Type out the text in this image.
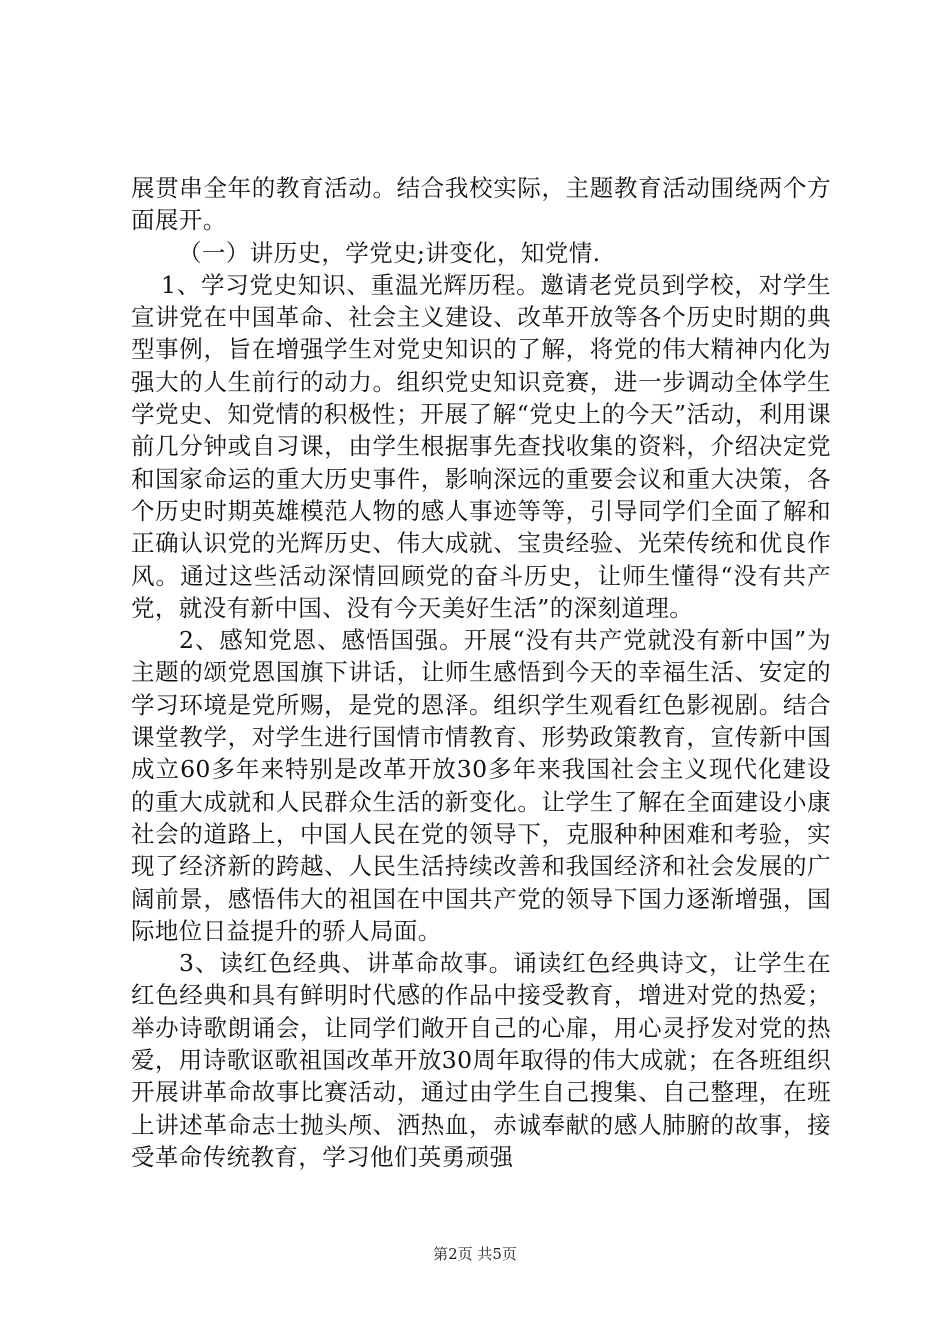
展贯串全年的教育活动。结合我校实际，主题教育活动围绕两个方面展开。

（一）讲历史，学党史;讲变化，知党情.

1、学习党史知识、重温光辉历程。邀请老党员到学校，对学生宣讲党在中国革命、社会主义建设、改革开放等各个历史时期的典型事例，旨在增强学生对党史知识的了解，将党的伟大精神内化为强大的人生前行的动力。组织党史知识竞赛，进一步调动全体学生学党史、知党情的积极性；开展了解“党史上的今天”活动，利用课前几分钟或自习课，由学生根据事先查找收集的资料，介绍决定党和国家命运的重大历史事件，影响深远的重要会议和重大决策，各个历史时期英雄模范人物的感人事迹等等，引导同学们全面了解和正确认识党的光辉历史、伟大成就、宝贵经验、光荣传统和优良作风。通过这些活动深情回顾党的奋斗历史，让师生懂得“没有共产党，就没有新中国、没有今天美好生活”的深刻道理。

2、感知党恩、感悟国强。开展“没有共产党就没有新中国”为主题的颂党恩国旗下讲话，让师生感悟到今天的幸福生活、安定的学习环境是党所赐，是党的恩泽。组织学生观看红色影视剧。结合课堂教学，对学生进行国情市情教育、形势政策教育，宣传新中国成立60多年来特别是改革开放30多年来我国社会主义现代化建设的重大成就和人民群众生活的新变化。让学生了解在全面建设小康社会的道路上，中国人民在党的领导下，克服种种困难和考验，实现了经济新的跨越、人民生活持续改善和我国经济和社会发展的广阔前景，感悟伟大的祖国在中国共产党的领导下国力逐渐增强，国际地位日益提升的骄人局面。

3、读红色经典、讲革命故事。诵读红色经典诗文，让学生在红色经典和具有鲜明时代感的作品中接受教育，增进对党的热爱；举办诗歌朗诵会，让同学们敞开自己的心扉，用心灵抒发对党的热爱，用诗歌讴歌祖国改革开放30周年取得的伟大成就；在各班组织开展讲革命故事比赛活动，通过由学生自己搜集、自己整理，在班上讲述革命志士抛头颅、洒热血，赤诚奉献的感人肺腑的故事，接受革命传统教育，学习他们英勇顽强

第2页 共5页
